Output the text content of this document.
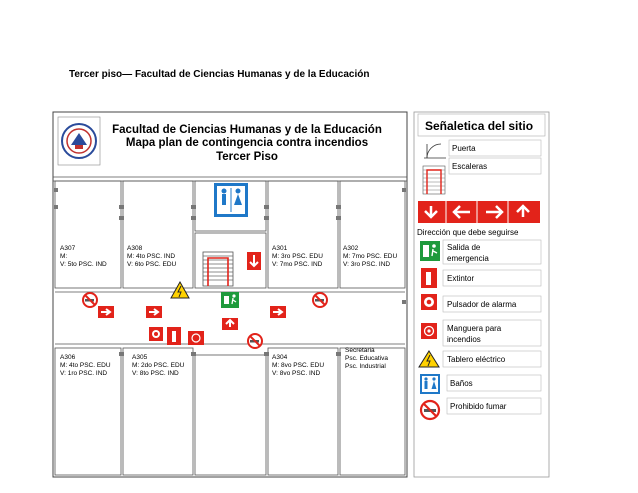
Tercer piso— Facultad de Ciencias Humanas y de la Educación
Facultad de Ciencias Humanas y de la Educación
Mapa plan de contingencia contra incendios
Tercer Piso
A307
M:
V: 5to PSC. IND
A308
M: 4to PSC. IND
V: 6to PSC. EDU
A301
M: 3ro PSC. EDU
V: 7mo PSC. IND
A302
M: 7mo PSC. EDU
V: 3ro PSC. IND
A306
M: 4to PSC. EDU
V: 1ro PSC. IND
A305
M: 2do PSC. EDU
V: 8to PSC. IND
A304
M: 8vo PSC. EDU
V: 8vo PSC. IND
Secretaria
Psc. Educativa
Psc. Industrial
Señaletica del sitio
Puerta
Escaleras
Dirección que debe seguirse
Salida de
emergencia
Extintor
Pulsador de alarma
Manguera para
incendios
Tablero eléctrico
Baños
Prohibido fumar
